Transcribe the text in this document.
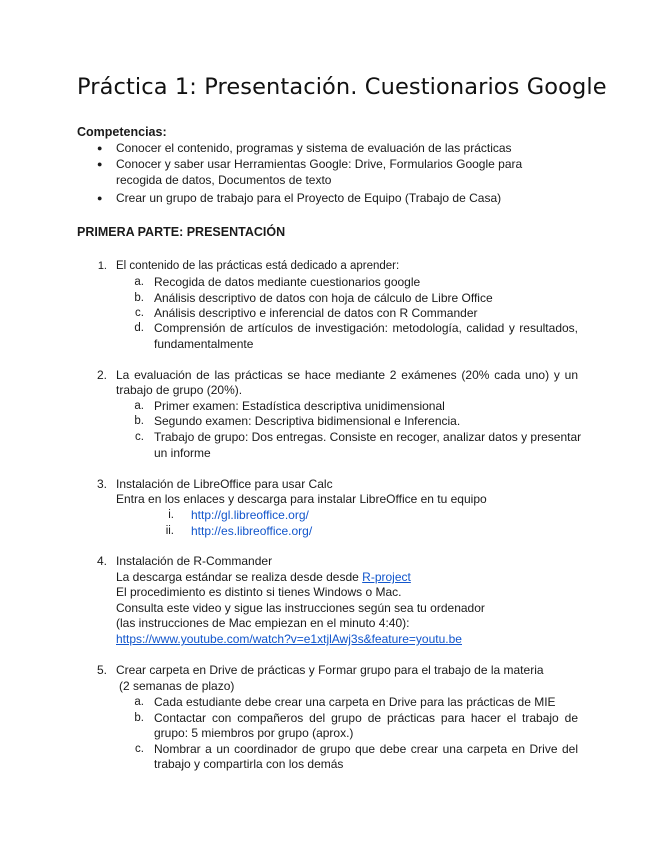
Práctica 1: Presentación. Cuestionarios Google
Competencias:
● Conocer el contenido, programas y sistema de evaluación de las prácticas
● Conocer y saber usar Herramientas Google: Drive, Formularios Google para
recogida de datos, Documentos de texto
● Crear un grupo de trabajo para el Proyecto de Equipo (Trabajo de Casa)
PRIMERA PARTE: PRESENTACIÓN
1. El contenido de las prácticas está dedicado a aprender:
a. Recogida de datos mediante cuestionarios google
b. Análisis descriptivo de datos con hoja de cálculo de Libre Office
c. Análisis descriptivo e inferencial de datos con R Commander
d. Comprensión de artículos de investigación: metodología, calidad y resultados,
fundamentalmente
2. La evaluación de las prácticas se hace mediante 2 exámenes (20% cada uno) y un
trabajo de grupo (20%).
a. Primer examen: Estadística descriptiva unidimensional
b. Segundo examen: Descriptiva bidimensional e Inferencia.
c. Trabajo de grupo: Dos entregas. Consiste en recoger, analizar datos y presentar
un informe
3. Instalación de LibreOffice para usar Calc
Entra en los enlaces y descarga para instalar LibreOffice en tu equipo
i. http://gl.libreoffice.org/
ii. http://es.libreoffice.org/
4. Instalación de R-Commander
La descarga estándar se realiza desde desde R-project
El procedimiento es distinto si tienes Windows o Mac.
Consulta este video y sigue las instrucciones según sea tu ordenador
(las instrucciones de Mac empiezan en el minuto 4:40):
https://www.youtube.com/watch?v=e1xtjlAwj3s&feature=youtu.be
5. Crear carpeta en Drive de prácticas y Formar grupo para el trabajo de la materia
(2 semanas de plazo)
a. Cada estudiante debe crear una carpeta en Drive para las prácticas de MIE
b. Contactar con compañeros del grupo de prácticas para hacer el trabajo de
grupo: 5 miembros por grupo (aprox.)
c. Nombrar a un coordinador de grupo que debe crear una carpeta en Drive del
trabajo y compartirla con los demás
